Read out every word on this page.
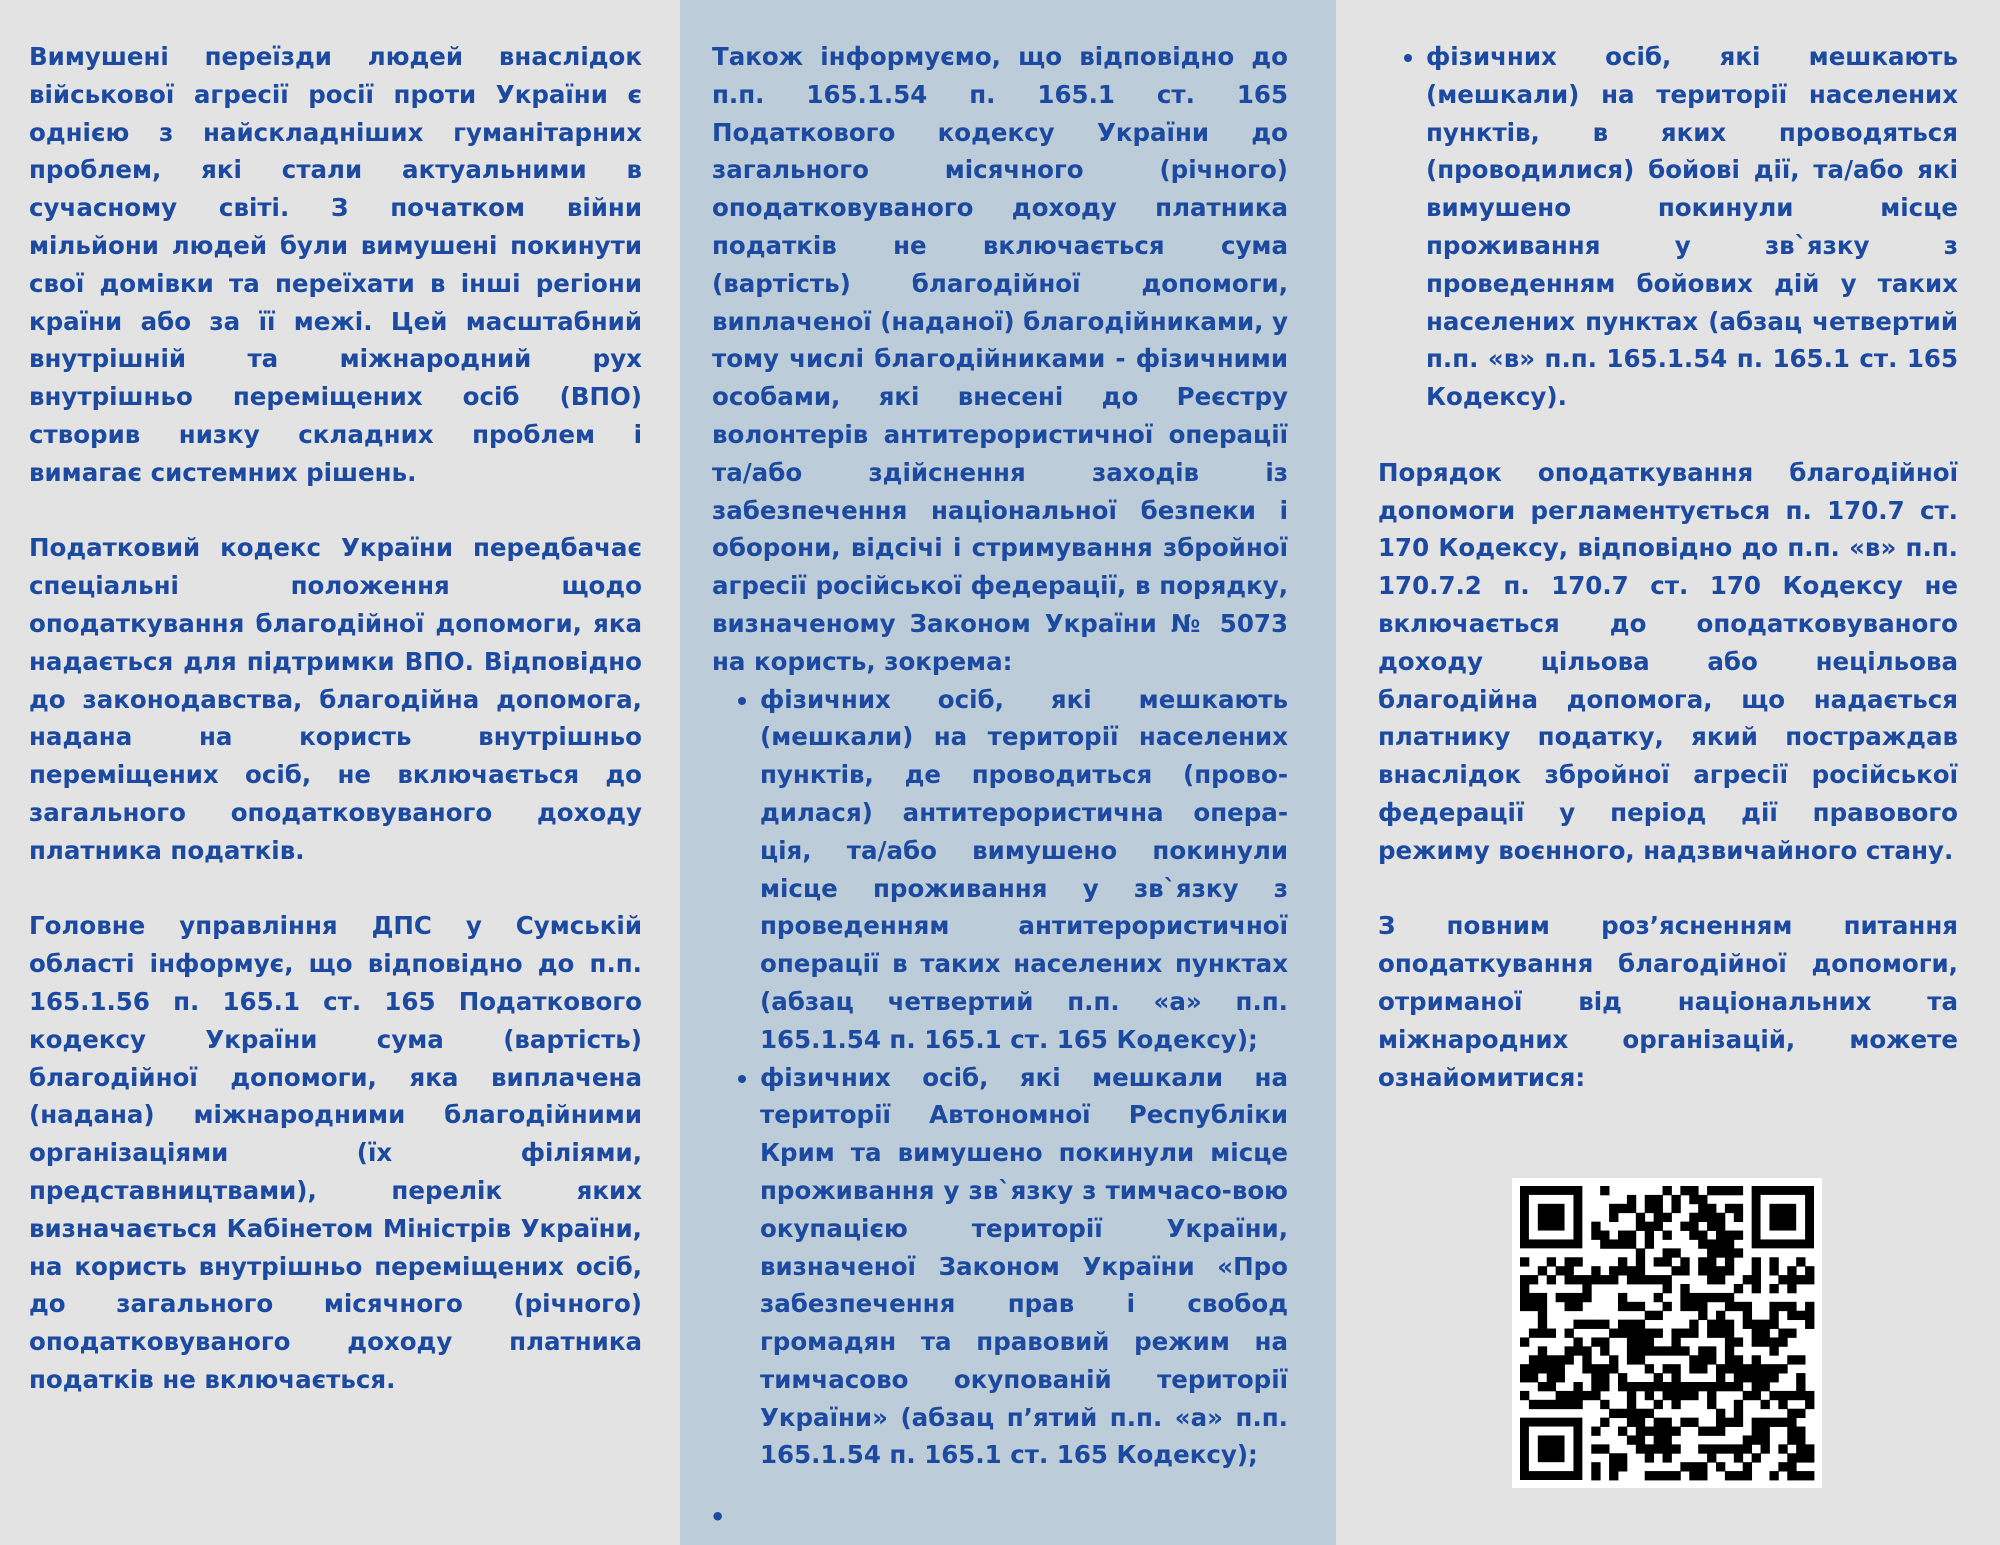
Вимушені переїзди людей внаслідок військової агресії росії проти України є однією з найскладніших гуманітарних проблем, які стали актуальними в сучасному світі. З початком війни мільйони людей були вимушені покинути свої домівки та переїхати в інші регіони країни або за її межі. Цей масштабний внутрішній та міжнародний рух внутрішньо переміщених осіб (ВПО) створив низку складних проблем і вимагає системних рішень.

Податковий кодекс України передбачає спеціальні положення щодо оподаткування благодійної допомоги, яка надається для підтримки ВПО. Відповідно до законодавства, благодійна допомога, надана на користь внутрішньо переміщених осіб, не включається до загального оподатковуваного доходу платника податків.

Головне управління ДПС у Сумській області інформує, що відповідно до п.п. 165.1.56 п. 165.1 ст. 165 Податкового кодексу України сума (вартість) благодійної допомоги, яка виплачена (надана) міжнародними благодійними організаціями (їх філіями, представництвами), перелік яких визначається Кабінетом Міністрів України, на користь внутрішньо переміщених осіб, до загального місячного (річного) оподатковуваного доходу платника податків не включається.

Також інформуємо, що відповідно до п.п. 165.1.54 п. 165.1 ст. 165 Податкового кодексу України до загального місячного (річного) оподатковуваного доходу платника податків не включається сума (вартість) благодійної допомоги, виплаченої (наданої) благодійниками, у тому числі благодійниками - фізичними особами, які внесені до Реєстру волонтерів антитерористичної операції та/або здійснення заходів із забезпечення національної безпеки і оборони, відсічі і стримування збройної агресії російської федерації, в порядку, визначеному Законом України № 5073 на користь, зокрема:

• фізичних осіб, які мешкають (мешкали) на території населених пунктів, де проводиться (прово-дилася) антитерористична опера-ція, та/або вимушено покинули місце проживання у зв`язку з проведенням антитерористичної операції в таких населених пунктах (абзац четвертий п.п. «а» п.п. 165.1.54 п. 165.1 ст. 165 Кодексу);
• фізичних осіб, які мешкали на території Автономної Республіки Крим та вимушено покинули місце проживання у зв`язку з тимчасо-вою окупацією території України, визначеної Законом України «Про забезпечення прав і свобод громадян та правовий режим на тимчасово окупованій території України» (абзац п’ятий п.п. «а» п.п. 165.1.54 п. 165.1 ст. 165 Кодексу);
•
• фізичних осіб, які мешкають (мешкали) на території населених пунктів, в яких проводяться (проводилися) бойові дії, та/або які вимушено покинули місце проживання у зв`язку з проведенням бойових дій у таких населених пунктах (абзац четвертий п.п. «в» п.п. 165.1.54 п. 165.1 ст. 165 Кодексу).

Порядок оподаткування благодійної допомоги регламентується п. 170.7 ст. 170 Кодексу, відповідно до п.п. «в» п.п. 170.7.2 п. 170.7 ст. 170 Кодексу не включається до оподатковуваного доходу цільова або нецільова благодійна допомога, що надається платнику податку, який постраждав внаслідок збройної агресії російської федерації у період дії правового режиму воєнного, надзвичайного стану.

З повним роз’ясненням питання оподаткування благодійної допомоги, отриманої від національних та міжнародних організацій, можете ознайомитися:
